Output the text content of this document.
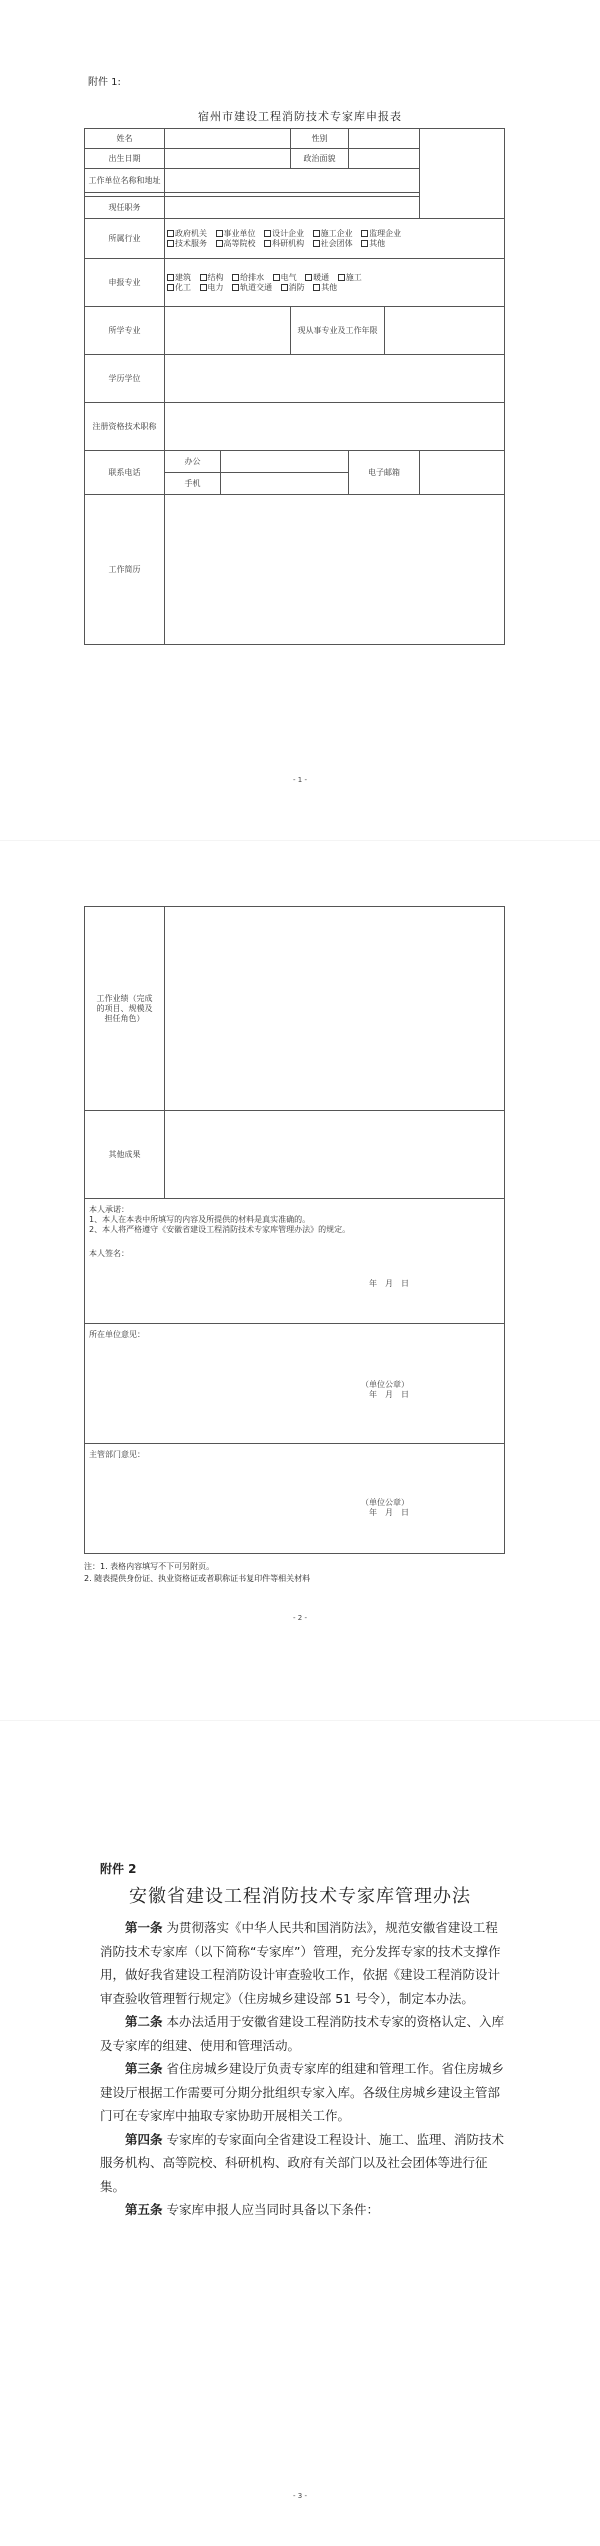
附件 1:
宿州市建设工程消防技术专家库申报表
姓名			性别			
出生日期			政治面貌			
工作单位名称和地址						

现任职务						
所属行业	政府机关 事业单位 设计企业 施工企业 监理企业
技术服务 高等院校 科研机构 社会团体 其他					

申报专业	建筑 结构 给排水 电气 暖通 施工
化工 电力 轨道交通 消防 其他					

所学专业			现从事专业及工作年限			
学历学位						
注册资格技术职称						
联系电话	办公			电子邮箱		
	手机					
工作简历						
- 1 -
工作业绩（完成的项目、规模及担任角色）	
其他成果	

本人承诺：
1、本人在本表中所填写的内容及所提供的材料是真实准确的。
2、本人将严格遵守《安徽省建设工程消防技术专家库管理办法》的规定。
本人签名：
年　月　日	

所在单位意见：
（单位公章）
年　月　日	

主管部门意见：
（单位公章）
年　月　日	
注：1. 表格内容填写不下可另附页。
2. 随表提供身份证、执业资格证或者职称证书复印件等相关材料
- 2 -
附件 2
安徽省建设工程消防技术专家库管理办法

第一条 为贯彻落实《中华人民共和国消防法》，规范安徽省建设工程消防技术专家库（以下简称“专家库”）管理，充分发挥专家的技术支撑作用，做好我省建设工程消防设计审查验收工作，依据《建设工程消防设计审查验收管理暂行规定》（住房城乡建设部 51 号令），制定本办法。

第二条 本办法适用于安徽省建设工程消防技术专家的资格认定、入库及专家库的组建、使用和管理活动。

第三条 省住房城乡建设厅负责专家库的组建和管理工作。省住房城乡建设厅根据工作需要可分期分批组织专家入库。各级住房城乡建设主管部门可在专家库中抽取专家协助开展相关工作。

第四条 专家库的专家面向全省建设工程设计、施工、监理、消防技术服务机构、高等院校、科研机构、政府有关部门以及社会团体等进行征集。

第五条 专家库申报人应当同时具备以下条件：

- 3 -
